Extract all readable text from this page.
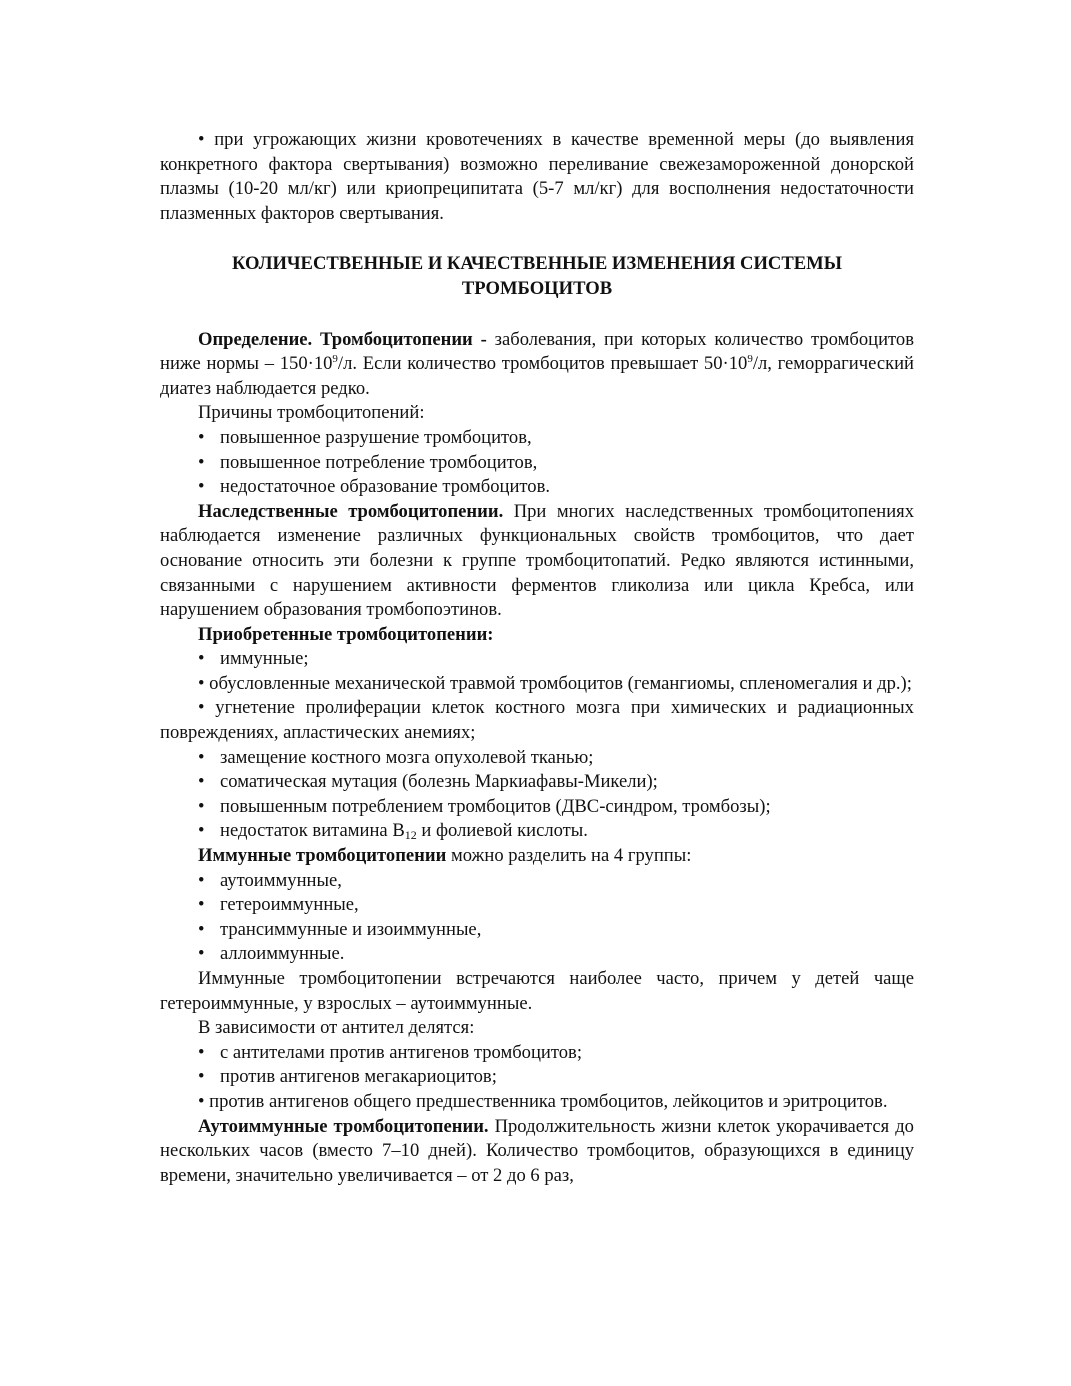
• при угрожающих жизни кровотечениях в качестве временной меры (до выявления конкретного фактора свертывания) возможно переливание свежезамороженной донорской плазмы (10-20 мл/кг) или криопреципитата (5-7 мл/кг) для восполнения недостаточности плазменных факторов свертывания.

КОЛИЧЕСТВЕННЫЕ И КАЧЕСТВЕННЫЕ ИЗМЕНЕНИЯ СИСТЕМЫ
ТРОМБОЦИТОВ

Определение. Тромбоцитопении - заболевания, при которых количество тромбоцитов ниже нормы – $150\cdot 10^9/л$. Если количество тромбоцитов превышает $50\cdot 10^9/л$, геморрагический диатез наблюдается редко.

Причины тромбоцитопений:

• повышенное разрушение тромбоцитов,

• повышенное потребление тромбоцитов,

• недостаточное образование тромбоцитов.

Наследственные тромбоцитопении. При многих наследственных тромбоцитопениях наблюдается изменение различных функциональных свойств тромбоцитов, что дает основание относить эти болезни к группе тромбоцитопатий. Редко являются истинными, связанными с нарушением активности ферментов гликолиза или цикла Кребса, или нарушением образования тромбопоэтинов.

Приобретенные тромбоцитопении:

• иммунные;

• обусловленные механической травмой тромбоцитов (гемангиомы, спленомегалия и др.);

• угнетение пролиферации клеток костного мозга при химических и радиационных повреждениях, апластических анемиях;

• замещение костного мозга опухолевой тканью;

• соматическая мутация (болезнь Маркиафавы-Микели);

• повышенным потреблением тромбоцитов (ДВС-синдром, тромбозы);

• недостаток витамина $B_{12}$ и фолиевой кислоты.

Иммунные тромбоцитопении можно разделить на 4 группы:

• аутоиммунные,

• гетероиммунные,

• трансиммунные и изоиммунные,

• аллоиммунные.

Иммунные тромбоцитопении встречаются наиболее часто, причем у детей чаще гетероиммунные, у взрослых – аутоиммунные.

В зависимости от антител делятся:

• с антителами против антигенов тромбоцитов;

• против антигенов мегакариоцитов;

• против антигенов общего предшественника тромбоцитов, лейкоцитов и эритроцитов.

Аутоиммунные тромбоцитопении. Продолжительность жизни клеток укорачивается до нескольких часов (вместо 7–10 дней). Количество тромбоцитов, образующихся в единицу времени, значительно увеличивается – от 2 до 6 раз,
